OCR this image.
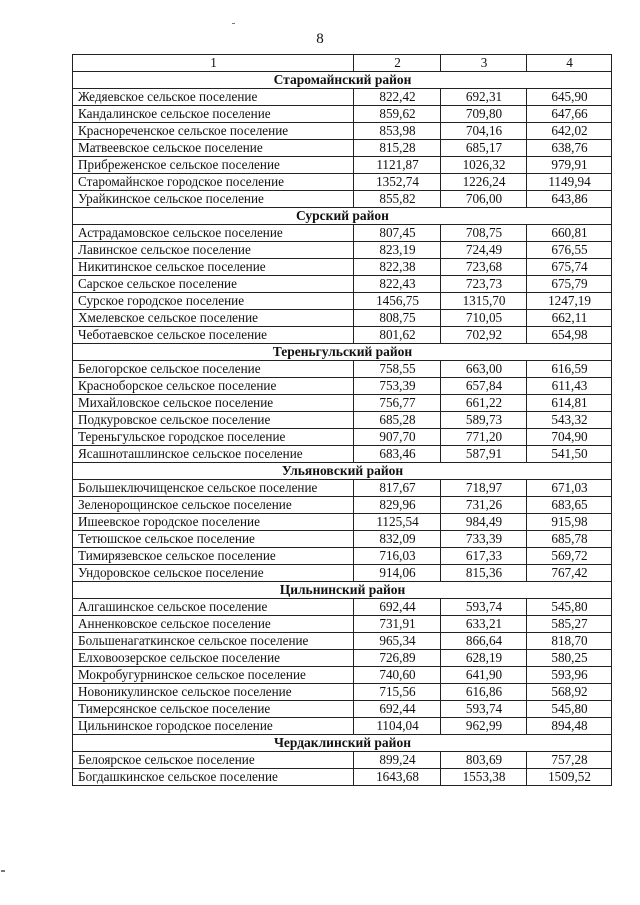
8
1	2	3	4
Старомайнский район			
Жедяевское сельское поселение	822,42	692,31	645,90
Кандалинское сельское поселение	859,62	709,80	647,66
Краснореченское сельское поселение	853,98	704,16	642,02
Матвеевское сельское поселение	815,28	685,17	638,76
Прибреженское сельское поселение	1121,87	1026,32	979,91
Старомайнское городское поселение	1352,74	1226,24	1149,94
Урайкинское сельское поселение	855,82	706,00	643,86
Сурский район			
Астрадамовское сельское поселение	807,45	708,75	660,81
Лавинское сельское поселение	823,19	724,49	676,55
Никитинское сельское поселение	822,38	723,68	675,74
Сарское сельское поселение	822,43	723,73	675,79
Сурское городское поселение	1456,75	1315,70	1247,19
Хмелевское сельское поселение	808,75	710,05	662,11
Чеботаевское сельское поселение	801,62	702,92	654,98
Тереньгульский район			
Белогорское сельское поселение	758,55	663,00	616,59
Красноборское сельское поселение	753,39	657,84	611,43
Михайловское сельское поселение	756,77	661,22	614,81
Подкуровское сельское поселение	685,28	589,73	543,32
Тереньгульское городское поселение	907,70	771,20	704,90
Ясашноташлинское сельское поселение	683,46	587,91	541,50
Ульяновский район			
Большеключищенское сельское поселение	817,67	718,97	671,03
Зеленорощинское сельское поселение	829,96	731,26	683,65
Ишеевское городское поселение	1125,54	984,49	915,98
Тетюшское сельское поселение	832,09	733,39	685,78
Тимирязевское сельское поселение	716,03	617,33	569,72
Ундоровское сельское поселение	914,06	815,36	767,42
Цильнинский район			
Алгашинское сельское поселение	692,44	593,74	545,80
Анненковское сельское поселение	731,91	633,21	585,27
Большенагаткинское сельское поселение	965,34	866,64	818,70
Елховоозерское сельское поселение	726,89	628,19	580,25
Мокробугурнинское сельское поселение	740,60	641,90	593,96
Новоникулинское сельское поселение	715,56	616,86	568,92
Тимерсянское сельское поселение	692,44	593,74	545,80
Цильнинское городское поселение	1104,04	962,99	894,48
Чердаклинский район			
Белоярское сельское поселение	899,24	803,69	757,28
Богдашкинское сельское поселение	1643,68	1553,38	1509,52
